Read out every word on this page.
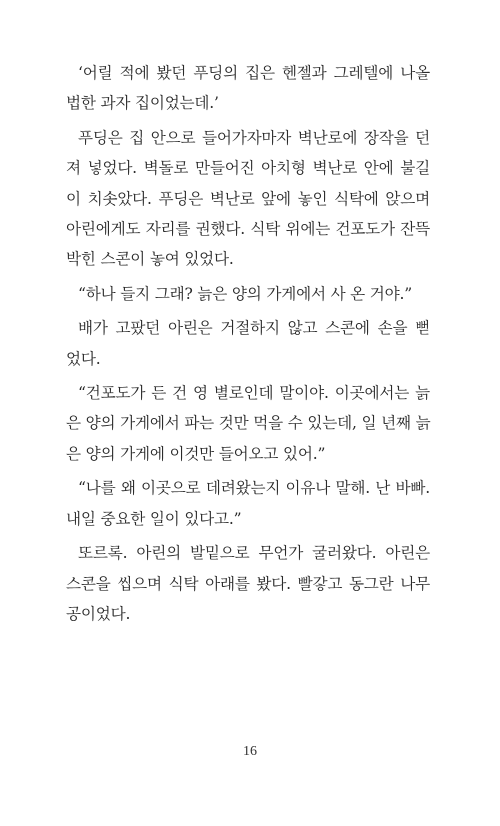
‘어릴 적에 봤던 푸딩의 집은 헨젤과 그레텔에 나올
법한 과자 집이었는데.’

푸딩은 집 안으로 들어가자마자 벽난로에 장작을 던
져 넣었다. 벽돌로 만들어진 아치형 벽난로 안에 불길
이 치솟았다. 푸딩은 벽난로 앞에 놓인 식탁에 앉으며
아린에게도 자리를 권했다. 식탁 위에는 건포도가 잔뜩
박힌 스콘이 놓여 있었다.

“하나 들지 그래? 늙은 양의 가게에서 사 온 거야.”

배가 고팠던 아린은 거절하지 않고 스콘에 손을 뻗
었다.

“건포도가 든 건 영 별로인데 말이야. 이곳에서는 늙
은 양의 가게에서 파는 것만 먹을 수 있는데, 일 년째 늙
은 양의 가게에 이것만 들어오고 있어.”

“나를 왜 이곳으로 데려왔는지 이유나 말해. 난 바빠.
내일 중요한 일이 있다고.”

또르록. 아린의 발밑으로 무언가 굴러왔다. 아린은
스콘을 씹으며 식탁 아래를 봤다. 빨갛고 동그란 나무
공이었다.

16
